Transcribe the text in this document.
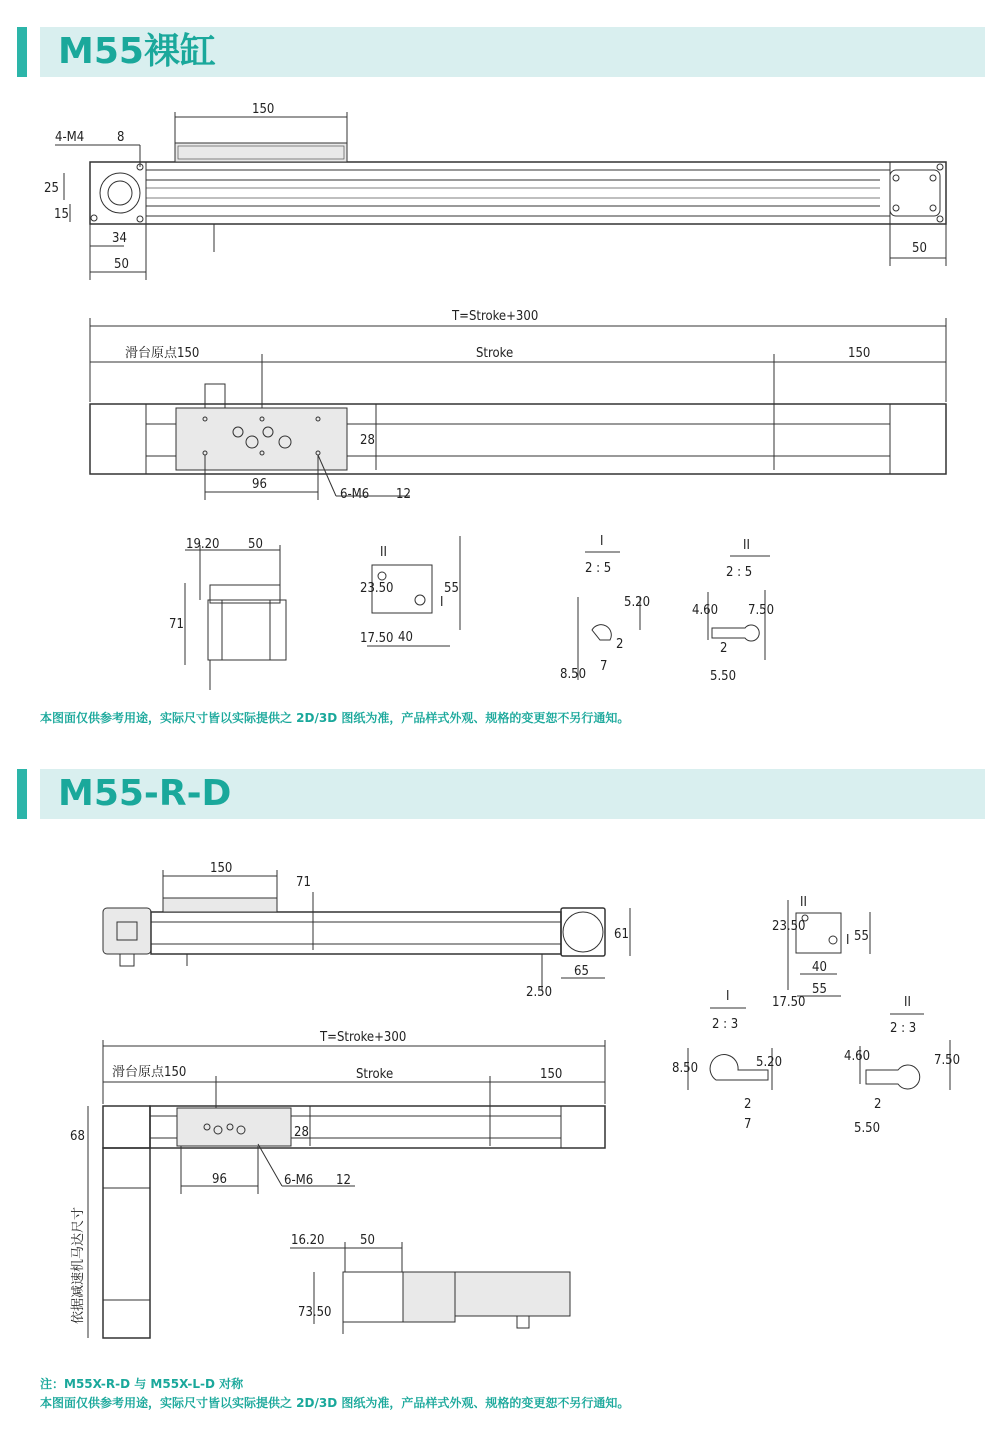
M55裸缸
M55-R-D
150
4-M4	8
25
15
34
50
50
T=Stroke+300
滑台原点150	Stroke	150
28
96
6-M6 12
19.20 50
71
II
I
23.50
17.50
55
40
I
2 : 5
5.20
8.50
2
7
II
2 : 5
4.60 7.50
2
5.50
150
71
61
2.50
65
T=Stroke+300
滑台原点150	Stroke	150
68	28
96	6-M6 12
依据减速机马达尺寸	16.20	50
73.50
II
I
23.50
17.50
55
40
55
I
2 : 3
8.50	5.20
2
7
II
2 : 3
4.60	7.50
2
5.50
本图面仅供参考用途，实际尺寸皆以实际提供之 2D/3D 图纸为准，产品样式外观、规格的变更恕不另行通知。
注：M55X-R-D 与 M55X-L-D 对称
本图面仅供参考用途，实际尺寸皆以实际提供之 2D/3D 图纸为准，产品样式外观、规格的变更恕不另行通知。
